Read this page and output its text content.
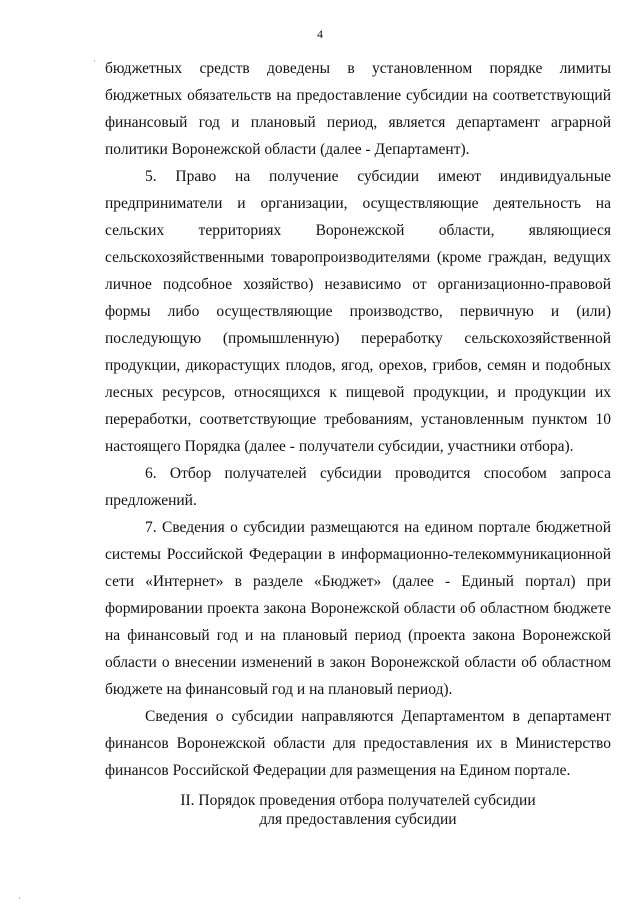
·
·
4

бюджетных средств доведены в установленном порядке лимиты бюджетных обязательств на предоставление субсидии на соответствующий финансовый год и плановый период, является департамент аграрной политики Воронежской области (далее - Департамент).

5. Право на получение субсидии имеют индивидуальные предприниматели и организации, осуществляющие деятельность на сельских территориях Воронежской области, являющиеся сельскохозяйственными товаропроизводителями (кроме граждан, ведущих личное подсобное хозяйство) независимо от организационно-правовой формы либо осуществляющие производство, первичную и (или) последующую (промышленную) переработку сельскохозяйственной продукции, дикорастущих плодов, ягод, орехов, грибов, семян и подобных лесных ресурсов, относящихся к пищевой продукции, и продукции их переработки, соответствующие требованиям, установленным пунктом 10 настоящего Порядка (далее - получатели субсидии, участники отбора).

6. Отбор получателей субсидии проводится способом запроса предложений.

7. Сведения о субсидии размещаются на едином портале бюджетной системы Российской Федерации в информационно-телекоммуникационной сети «Интернет» в разделе «Бюджет» (далее - Единый портал) при формировании проекта закона Воронежской области об областном бюджете на финансовый год и на плановый период (проекта закона Воронежской области о внесении изменений в закон Воронежской области об областном бюджете на финансовый год и на плановый период).

Сведения о субсидии направляются Департаментом в департамент финансов Воронежской области для предоставления их в Министерство финансов Российской Федерации для размещения на Едином портале.

II. Порядок проведения отбора получателей субсидии
для предоставления субсидии
